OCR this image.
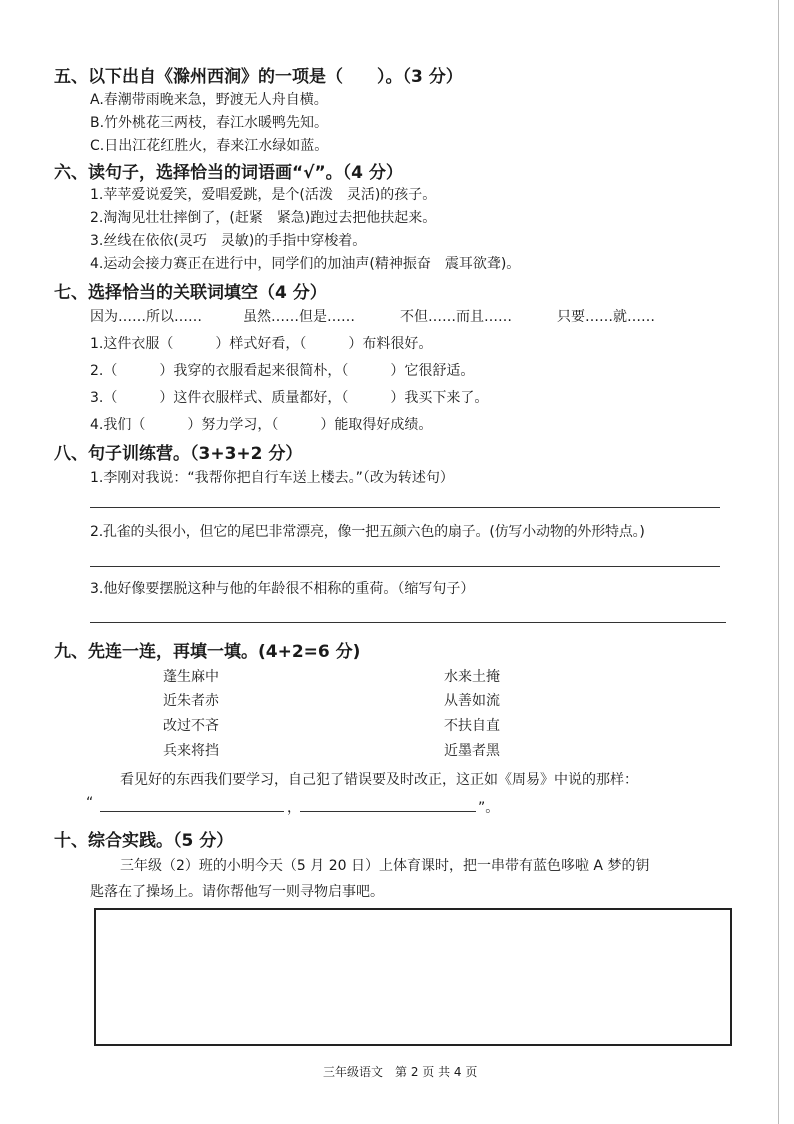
五、以下出自《滁州西涧》的一项是（　　）。（3 分）
A.春潮带雨晚来急，野渡无人舟自横。
B.竹外桃花三两枝，春江水暖鸭先知。
C.日出江花红胜火，春来江水绿如蓝。
六、读句子，选择恰当的词语画“√”。（4 分）
1.苹苹爱说爱笑，爱唱爱跳，是个(活泼　灵活)的孩子。
2.淘淘见壮壮摔倒了，(赶紧　紧急)跑过去把他扶起来。
3.丝线在依依(灵巧　灵敏)的手指中穿梭着。
4.运动会接力赛正在进行中，同学们的加油声(精神振奋　震耳欲聋)。
七、选择恰当的关联词填空（4 分）
因为……所以……	虽然……但是……	不但……而且……	只要……就……
1.这件衣服（　　　）样式好看，（　　　）布料很好。
2.（　　　）我穿的衣服看起来很简朴，（　　　）它很舒适。
3.（　　　）这件衣服样式、质量都好，（　　　）我买下来了。
4.我们（　　　）努力学习，（　　　）能取得好成绩。
八、句子训练营。（3+3+2 分）
1.李刚对我说：“我帮你把自行车送上楼去。”（改为转述句）
2.孔雀的头很小，但它的尾巴非常漂亮，像一把五颜六色的扇子。(仿写小动物的外形特点。)
3.他好像要摆脱这种与他的年龄很不相称的重荷。（缩写句子）
九、先连一连，再填一填。(4+2=6 分)
蓬生麻中
近朱者赤
改过不吝
兵来将挡
水来土掩
从善如流
不扶自直
近墨者黑
看见好的东西我们要学习，自己犯了错误要及时改正，这正如《周易》中说的那样：
“	，	”。
十、综合实践。（5 分）
三年级（2）班的小明今天（5 月 20 日）上体育课时，把一串带有蓝色哆啦 A 梦的钥
匙落在了操场上。请你帮他写一则寻物启事吧。
三年级语文　第 2 页 共 4 页
